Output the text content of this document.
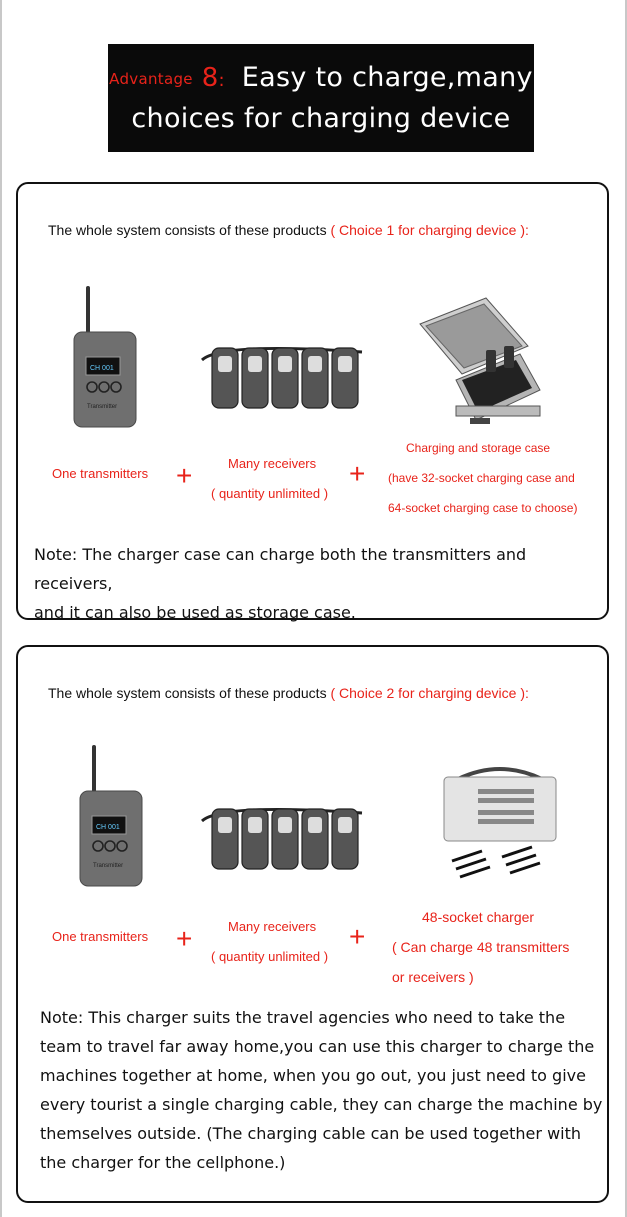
Advantage 8: Easy to charge,many
choices for charging device
The whole system consists of these products ( Choice 1 for charging device ):
CH 001
Transmitter
One transmitters +	Many receivers
( quantity unlimited )
+
Charging and storage case
(have 32-socket charging case and
64-socket charging case to choose)
Note: The charger case can charge both the transmitters and receivers,
and it can also be used as storage case.
The whole system consists of these products ( Choice 2 for charging device ):
CH 001
Transmitter
One transmitters +	Many receivers
( quantity unlimited )
+
48-socket charger
( Can charge 48 transmitters
or receivers )
Note: This charger suits the travel agencies who need to take the
team to travel far away home,you can use this charger to charge the
machines together at home, when you go out, you just need to give
every tourist a single charging cable, they can charge the machine by
themselves outside. (The charging cable can be used together with
the charger for the cellphone.)
